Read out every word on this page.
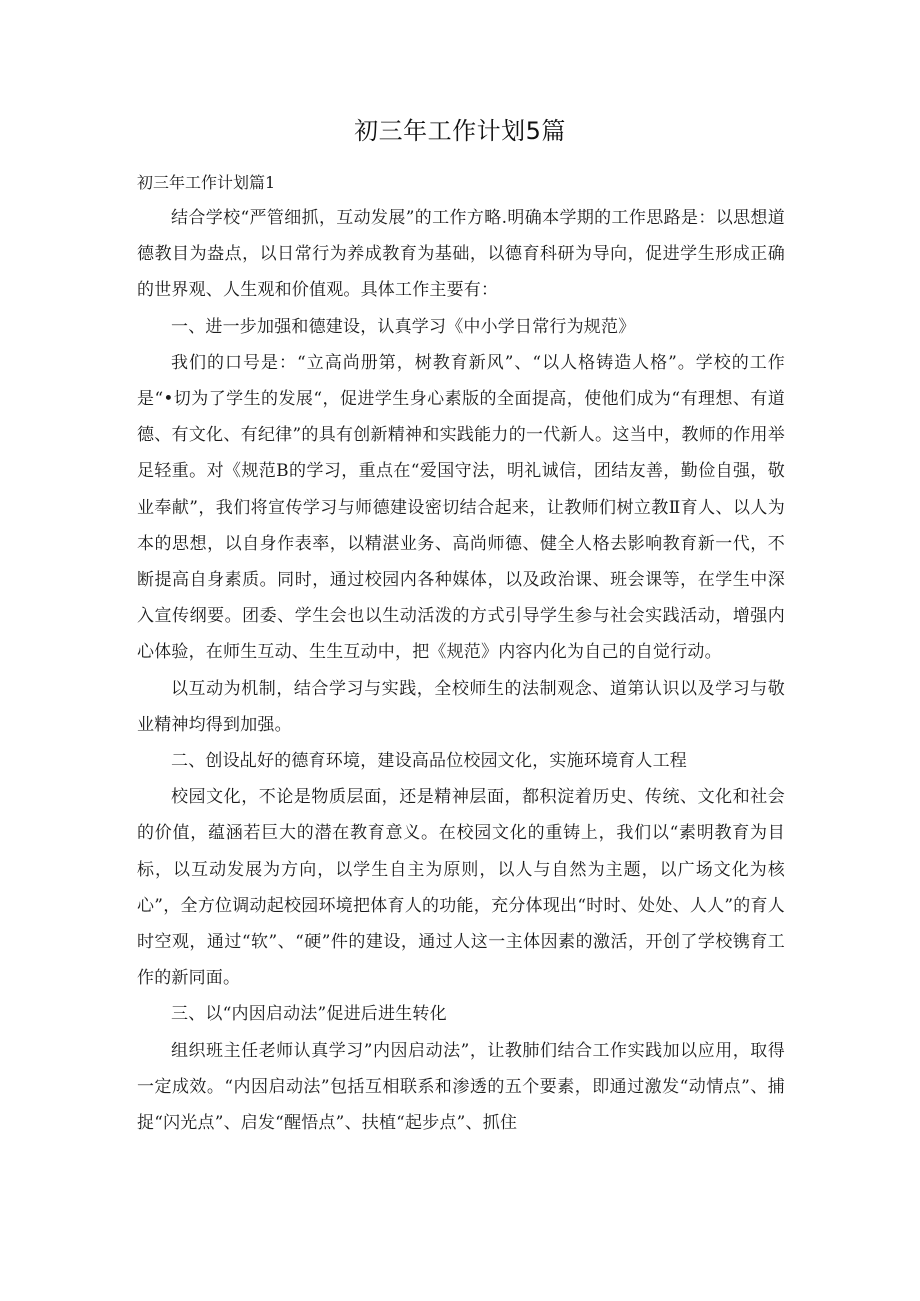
初三年工作计划5篇

初三年工作计划篇1

结合学校“严管细抓，互动发展”的工作方略.明确本学期的工作思路是：以思想道德教目为盎点，以日常行为养成教育为基础，以德育科研为导向，促进学生形成正确的世界观、人生观和价值观。具体工作主要有：

一、进一步加强和德建设，认真学习《中小学日常行为规范》

我们的口号是：“立高尚册第，树教育新风”、“以人格铸造人格”。学校的工作是“•切为了学生的发展“，促进学生身心素版的全面提高，使他们成为“有理想、有道德、有文化、有纪律”的具有创新精神和实践能力的一代新人。这当中，教师的作用举足轻重。对《规范B的学习，重点在“爱国守法，明礼诚信，团结友善，勤俭自强，敬业奉献”，我们将宣传学习与师德建设密切结合起来，让教师们树立教Ⅱ育人、以人为本的思想，以自身作表率，以精湛业务、高尚师德、健全人格去影响教育新一代，不断提高自身素质。同时，通过校园内各种媒体，以及政治课、班会课等，在学生中深入宣传纲要。团委、学生会也以生动活泼的方式引导学生参与社会实践活动，增强内心体验，在师生互动、生生互动中，把《规范》内容内化为自己的自觉行动。

以互动为机制，结合学习与实践，全校师生的法制观念、道第认识以及学习与敬业精神均得到加强。

二、创设乩好的德育环境，建设高品位校园文化，实施环境育人工程

校园文化，不论是物质层面，还是精神层面，都积淀着历史、传统、文化和社会的价值，蕴涵若巨大的潜在教育意义。在校园文化的重铸上，我们以“素明教育为目标，以互动发展为方向，以学生自主为原则，以人与自然为主题，以广场文化为核心”，全方位调动起校园环境把体育人的功能，充分体现出“时时、处处、人人”的育人时空观，通过“软”、“硬”件的建设，通过人这一主体因素的激活，开创了学校镌育工作的新同面。

三、以“内因启动法”促进后进生转化

组织班主任老师认真学习”内因启动法”，让教肺们结合工作实践加以应用，取得一定成效。“内因启动法”包括互相联系和渗透的五个要素，即通过激发“动情点”、捕捉“闪光点”、启发“醒悟点”、扶植“起步点”、抓住
